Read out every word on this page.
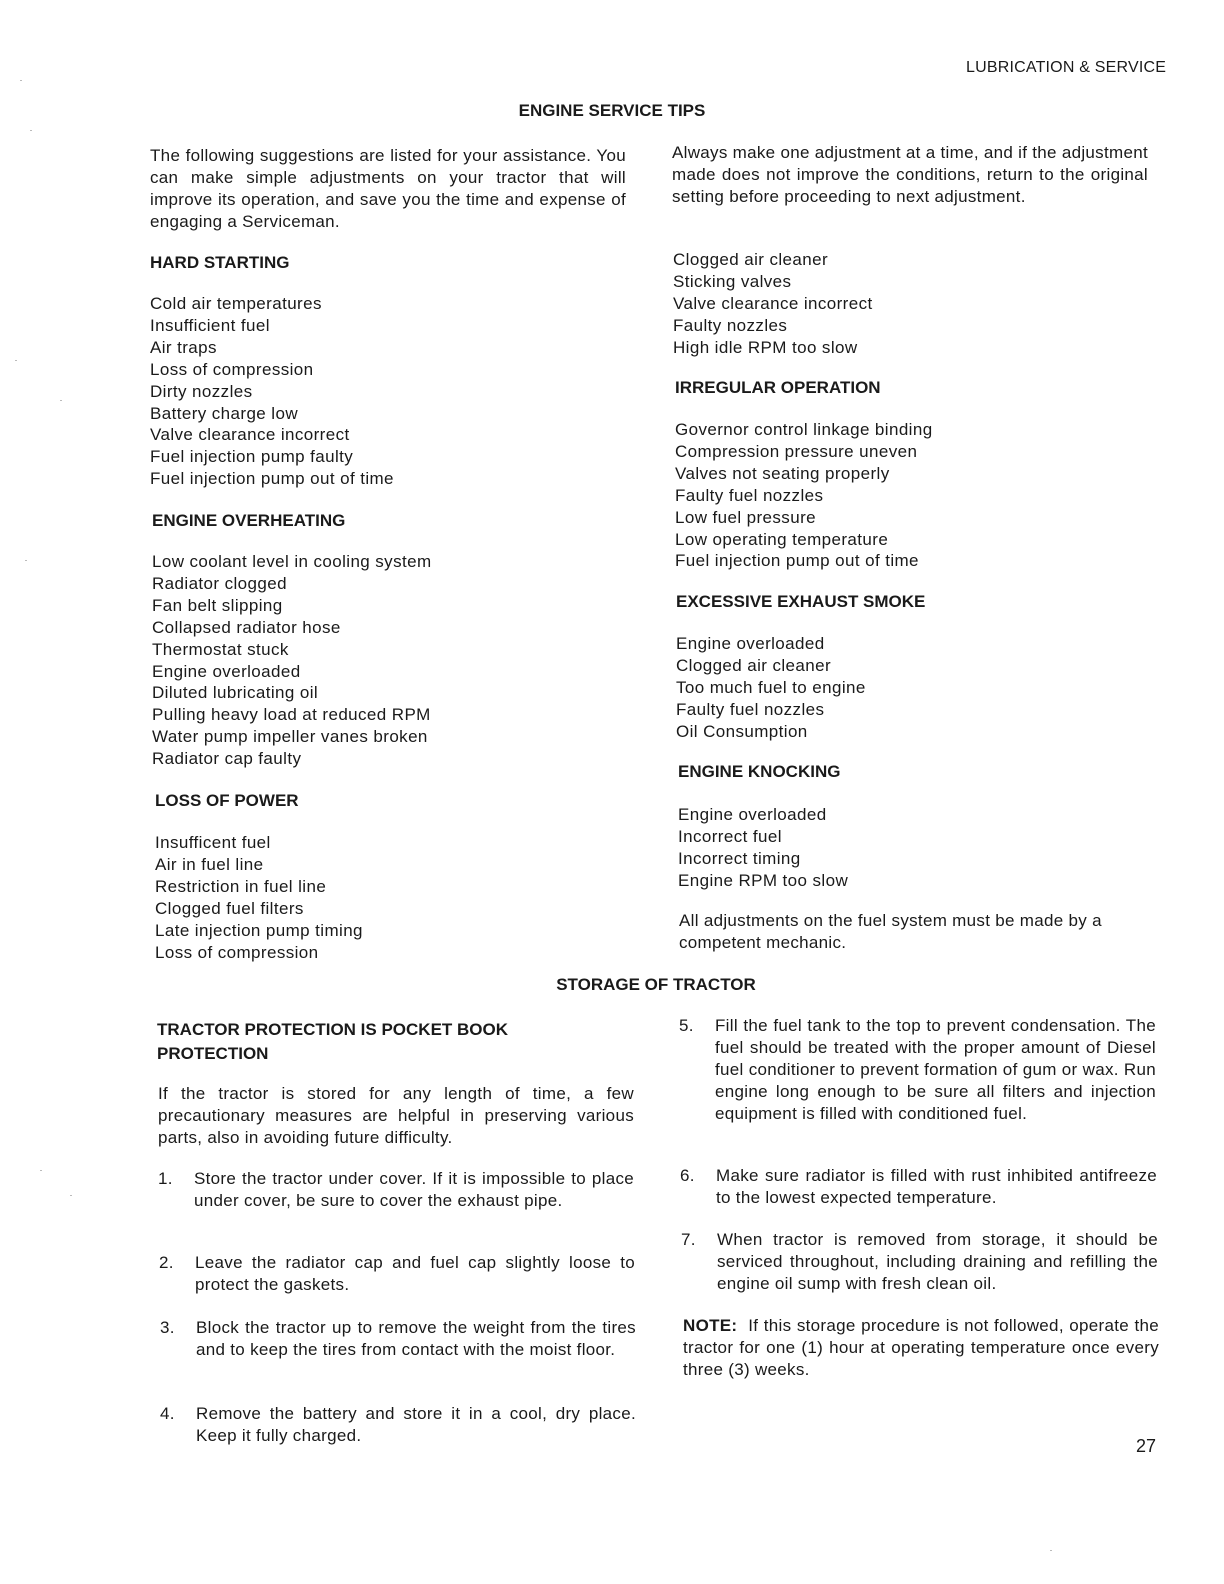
LUBRICATION & SERVICE
ENGINE SERVICE TIPS
The following suggestions are listed for your assistance. You can make simple adjustments on your tractor that will improve its operation, and save you the time and expense of engaging a Serviceman.
HARD STARTING
Cold air temperatures
Insufficient fuel
Air traps
Loss of compression
Dirty nozzles
Battery charge low
Valve clearance incorrect
Fuel injection pump faulty
Fuel injection pump out of time
ENGINE OVERHEATING
Low coolant level in cooling system
Radiator clogged
Fan belt slipping
Collapsed radiator hose
Thermostat stuck
Engine overloaded
Diluted lubricating oil
Pulling heavy load at reduced RPM
Water pump impeller vanes broken
Radiator cap faulty
LOSS OF POWER
Insufficent fuel
Air in fuel line
Restriction in fuel line
Clogged fuel filters
Late injection pump timing
Loss of compression
Always make one adjustment at a time, and if the adjustment made does not improve the conditions, return to the original setting before proceeding to next adjustment.
Clogged air cleaner
Sticking valves
Valve clearance incorrect
Faulty nozzles
High idle RPM too slow
IRREGULAR OPERATION
Governor control linkage binding
Compression pressure uneven
Valves not seating properly
Faulty fuel nozzles
Low fuel pressure
Low operating temperature
Fuel injection pump out of time
EXCESSIVE EXHAUST SMOKE
Engine overloaded
Clogged air cleaner
Too much fuel to engine
Faulty fuel nozzles
Oil Consumption
ENGINE KNOCKING
Engine overloaded
Incorrect fuel
Incorrect timing
Engine RPM too slow
All adjustments on the fuel system must be made by a competent mechanic.
STORAGE OF TRACTOR
TRACTOR PROTECTION IS POCKET BOOK PROTECTION
If the tractor is stored for any length of time, a few precautionary measures are helpful in preserving various parts, also in avoiding future difficulty.
1. Store the tractor under cover. If it is impossible to place under cover, be sure to cover the exhaust pipe.
2. Leave the radiator cap and fuel cap slightly loose to protect the gaskets.
3. Block the tractor up to remove the weight from the tires and to keep the tires from contact with the moist floor.
4. Remove the battery and store it in a cool, dry place. Keep it fully charged.
5. Fill the fuel tank to the top to prevent condensation. The fuel should be treated with the proper amount of Diesel fuel conditioner to prevent formation of gum or wax. Run engine long enough to be sure all filters and injection equipment is filled with conditioned fuel.
6. Make sure radiator is filled with rust inhibited antifreeze to the lowest expected temperature.
7. When tractor is removed from storage, it should be serviced throughout, including draining and refilling the engine oil sump with fresh clean oil.
NOTE: If this storage procedure is not followed, operate the tractor for one (1) hour at operating temperature once every three (3) weeks.
27
